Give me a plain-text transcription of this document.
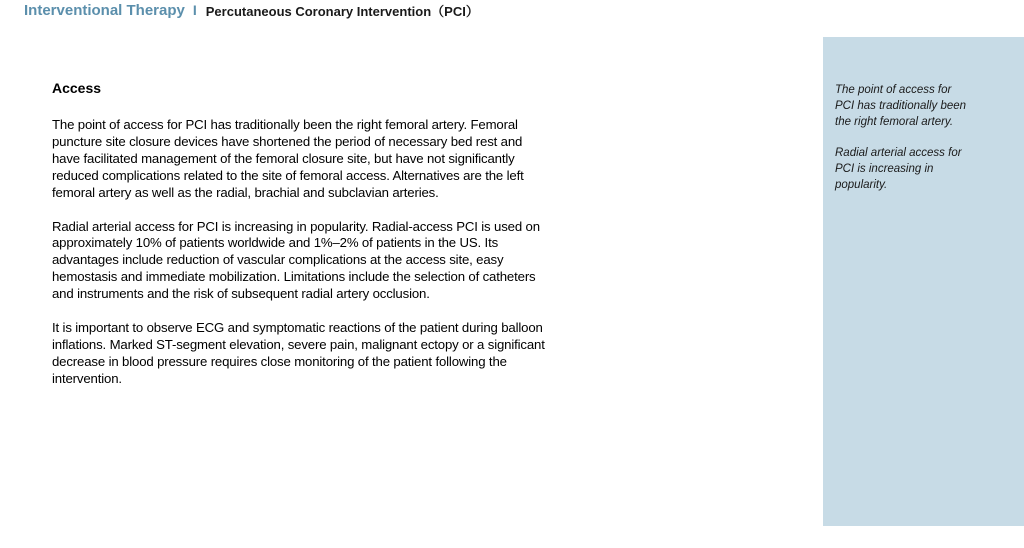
Interventional Therapy I Percutaneous Coronary Intervention（PCI）
Access

The point of access for PCI has traditionally been the right femoral artery. Femoral puncture site closure devices have shortened the period of necessary bed rest and have facilitated management of the femoral closure site, but have not significantly reduced complications related to the site of femoral access. Alternatives are the left femoral artery as well as the radial, brachial and subclavian arteries.

Radial arterial access for PCI is increasing in popularity. Radial-access PCI is used on approximately 10% of patients worldwide and 1%–2% of patients in the US. Its advantages include reduction of vascular complications at the access site, easy hemostasis and immediate mobilization. Limitations include the selection of catheters and instruments and the risk of subsequent radial artery occlusion.

It is important to observe ECG and symptomatic reactions of the patient during balloon inflations. Marked ST-segment elevation, severe pain, malignant ectopy or a significant decrease in blood pressure requires close monitoring of the patient following the intervention.

The point of access for PCI has traditionally been the right femoral artery.

Radial arterial access for PCI is increasing in popularity.
